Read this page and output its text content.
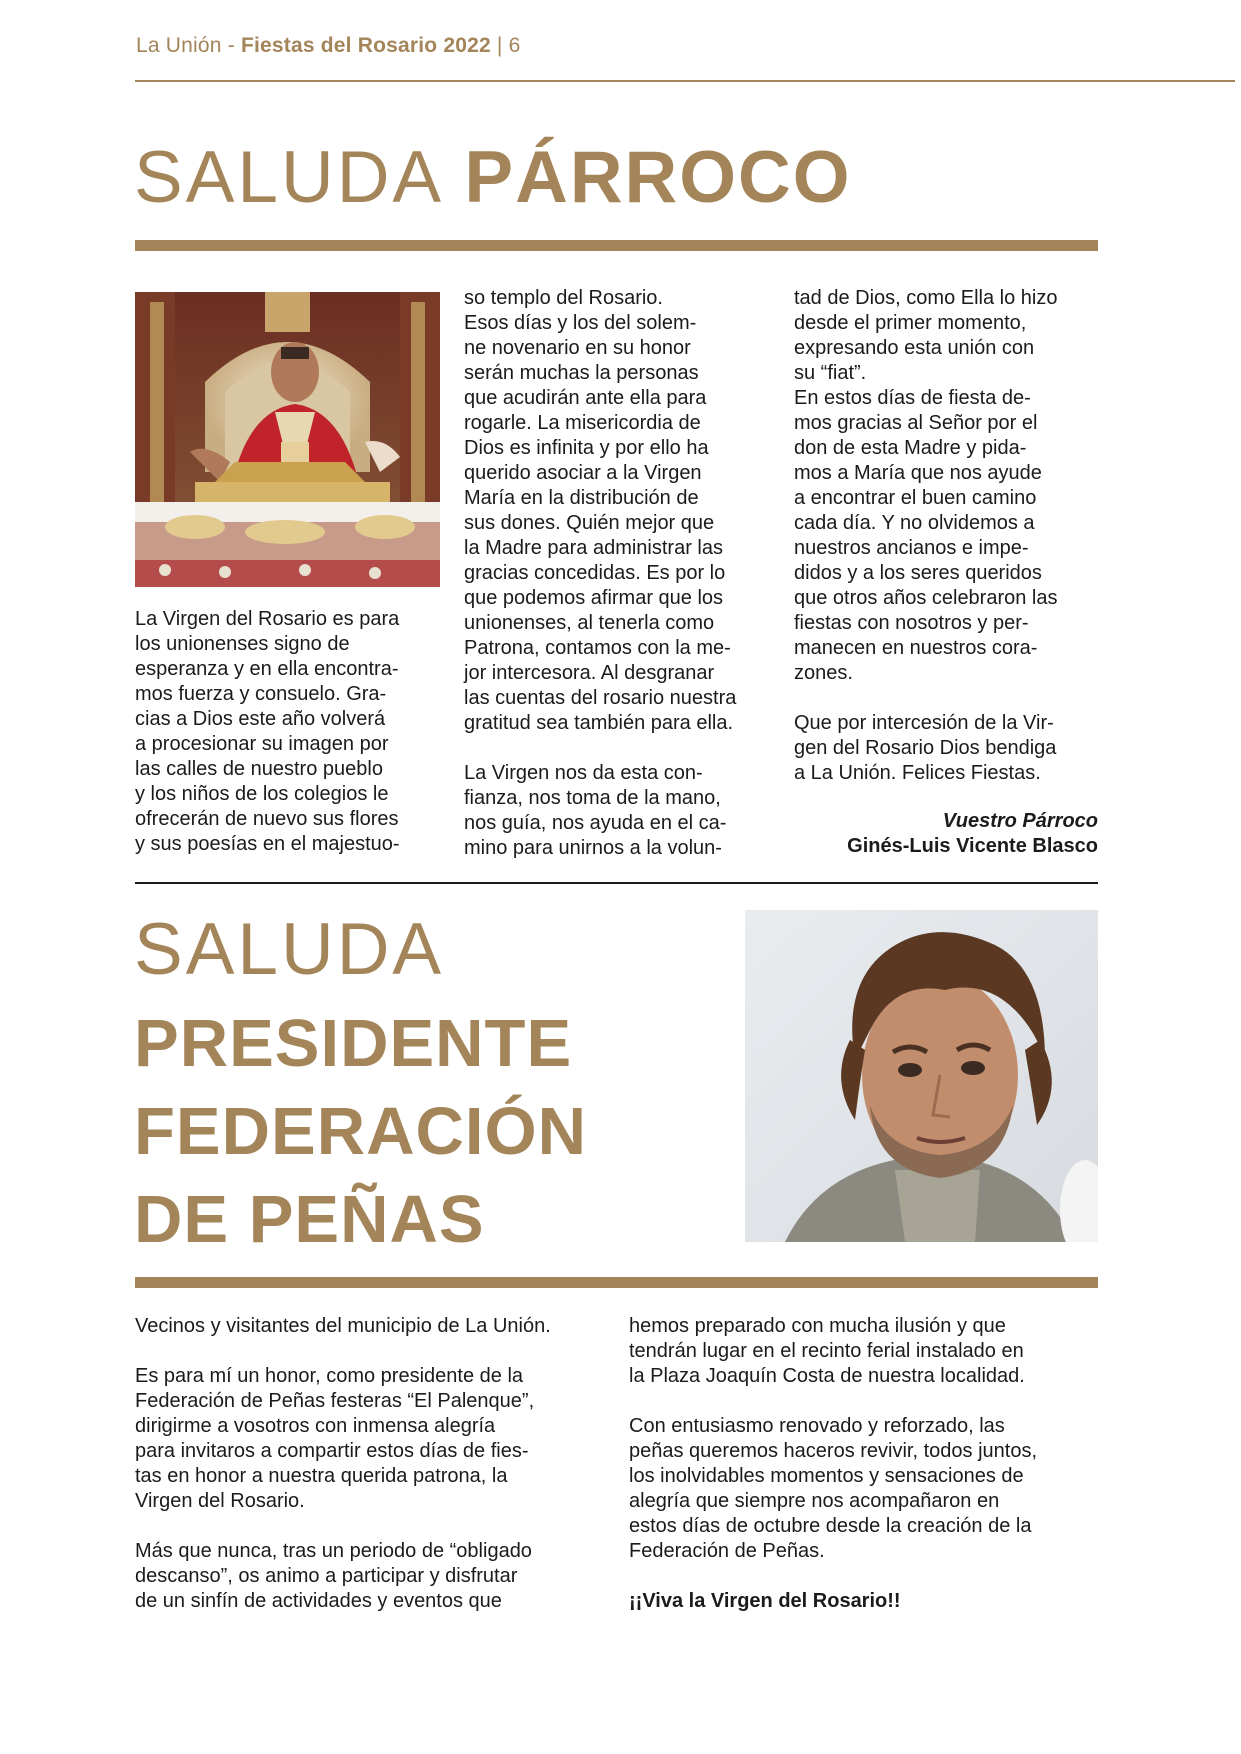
La Unión - Fiestas del Rosario 2022 | 6
SALUDA PÁRROCO

La Virgen del Rosario es para

los unionenses signo de

esperanza y en ella encontra-

mos fuerza y consuelo. Gra-

cias a Dios este año volverá

a procesionar su imagen por

las calles de nuestro pueblo

y los niños de los colegios le

ofrecerán de nuevo sus flores

y sus poesías en el majestuo-

so templo del Rosario.

Esos días y los del solem-

ne novenario en su honor

serán muchas la personas

que acudirán ante ella para

rogarle. La misericordia de

Dios es infinita y por ello ha

querido asociar a la Virgen

María en la distribución de

sus dones. Quién mejor que

la Madre para administrar las

gracias concedidas. Es por lo

que podemos afirmar que los

unionenses, al tenerla como

Patrona, contamos con la me-

jor intercesora. Al desgranar

las cuentas del rosario nuestra

gratitud sea también para ella.

La Virgen nos da esta con-

fianza, nos toma de la mano,

nos guía, nos ayuda en el ca-

mino para unirnos a la volun-

tad de Dios, como Ella lo hizo

desde el primer momento,

expresando esta unión con

su “fiat”.

En estos días de fiesta de-

mos gracias al Señor por el

don de esta Madre y pida-

mos a María que nos ayude

a encontrar el buen camino

cada día. Y no olvidemos a

nuestros ancianos e impe-

didos y a los seres queridos

que otros años celebraron las

fiestas con nosotros y per-

manecen en nuestros cora-

zones.

Que por intercesión de la Vir-

gen del Rosario Dios bendiga

a La Unión. Felices Fiestas.

Vuestro Párroco
Ginés-Luis Vicente Blasco
SALUDA
PRESIDENTE
FEDERACIÓN
DE PEÑAS

Vecinos y visitantes del municipio de La Unión.

Es para mí un honor, como presidente de la

Federación de Peñas festeras “El Palenque”,

dirigirme a vosotros con inmensa alegría

para invitaros a compartir estos días de fies-

tas en honor a nuestra querida patrona, la

Virgen del Rosario.

Más que nunca, tras un periodo de “obligado

descanso”, os animo a participar y disfrutar

de un sinfín de actividades y eventos que

hemos preparado con mucha ilusión y que

tendrán lugar en el recinto ferial instalado en

la Plaza Joaquín Costa de nuestra localidad.

Con entusiasmo renovado y reforzado, las

peñas queremos haceros revivir, todos juntos,

los inolvidables momentos y sensaciones de

alegría que siempre nos acompañaron en

estos días de octubre desde la creación de la

Federación de Peñas.

¡¡Viva la Virgen del Rosario!!
